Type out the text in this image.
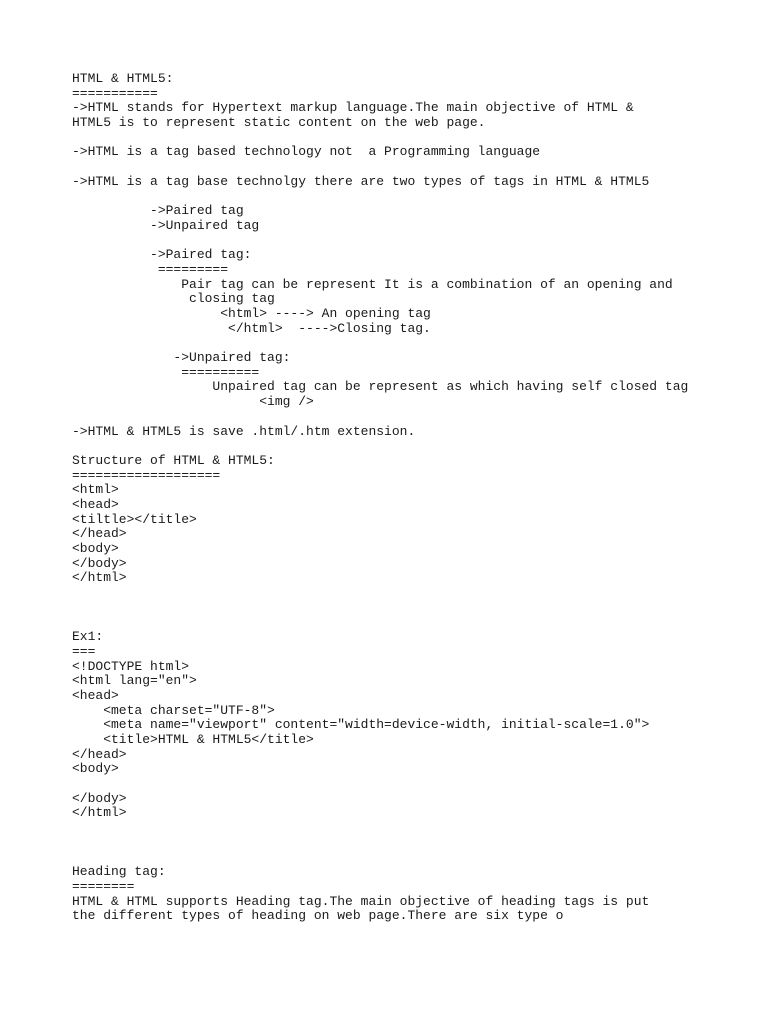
HTML & HTML5:
===========
->HTML stands for Hypertext markup language.The main objective of HTML &
HTML5 is to represent static content on the web page.
->HTML is a tag based technology not  a Programming language
->HTML is a tag base technolgy there are two types of tags in HTML & HTML5
->Paired tag
->Unpaired tag
->Paired tag:
=========
Pair tag can be represent It is a combination of an opening and
closing tag
<html> ----> An opening tag
</html>  ---->Closing tag.
->Unpaired tag:
==========
Unpaired tag can be represent as which having self closed tag
<img />
->HTML & HTML5 is save .html/.htm extension.
Structure of HTML & HTML5:
===================
<html>
<head>
<tiltle></title>
</head>
<body>
</body>
</html>
Ex1:
===
<!DOCTYPE html>
<html lang="en">
<head>
<meta charset="UTF-8">
<meta name="viewport" content="width=device-width, initial-scale=1.0">
<title>HTML & HTML5</title>
</head>
<body>
</body>
</html>
Heading tag:
========
HTML & HTML supports Heading tag.The main objective of heading tags is put
the different types of heading on web page.There are six type o
